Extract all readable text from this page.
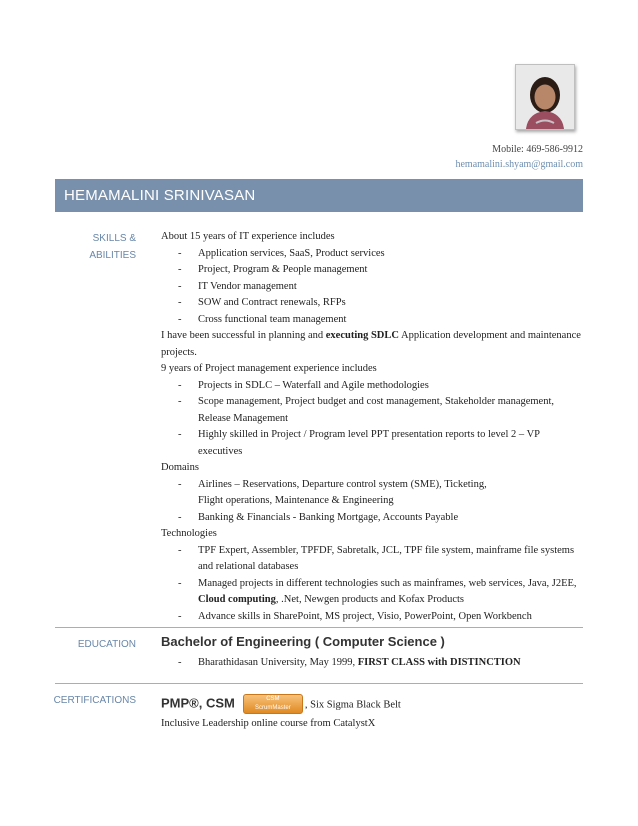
Mobile: 469-586-9912
hemamalini.shyam@gmail.com
HEMAMALINI SRINIVASAN
SKILLS &
ABILITIES

About 15 years of IT experience includes

- Application services, SaaS, Product services
- Project, Program & People management
- IT Vendor management
- SOW and Contract renewals, RFPs
- Cross functional team management

I have been successful in planning and executing SDLC Application development and maintenance projects.

9 years of Project management experience includes

- Projects in SDLC – Waterfall and Agile methodologies
- Scope management, Project budget and cost management, Stakeholder management, Release Management
- Highly skilled in Project / Program level PPT presentation reports to level 2 – VP executives

Domains

- Airlines – Reservations, Departure control system (SME), Ticketing,
Flight operations, Maintenance & Engineering
- Banking & Financials - Banking Mortgage, Accounts Payable

Technologies

- TPF Expert, Assembler, TPFDF, Sabretalk, JCL, TPF file system, mainframe file systems and relational databases
- Managed projects in different technologies such as mainframes, web services, Java, J2EE, Cloud computing, .Net, Newgen products and Kofax Products
- Advance skills in SharePoint, MS project, Visio, PowerPoint, Open Workbench
EDUCATION Bachelor of Engineering ( Computer Science )
- Bharathidasan University, May 1999, FIRST CLASS with DISTINCTION
CERTIFICATIONS PMP®, CSM	CSM
ScrumMaster , Six Sigma Black Belt
Inclusive Leadership online course from CatalystX
